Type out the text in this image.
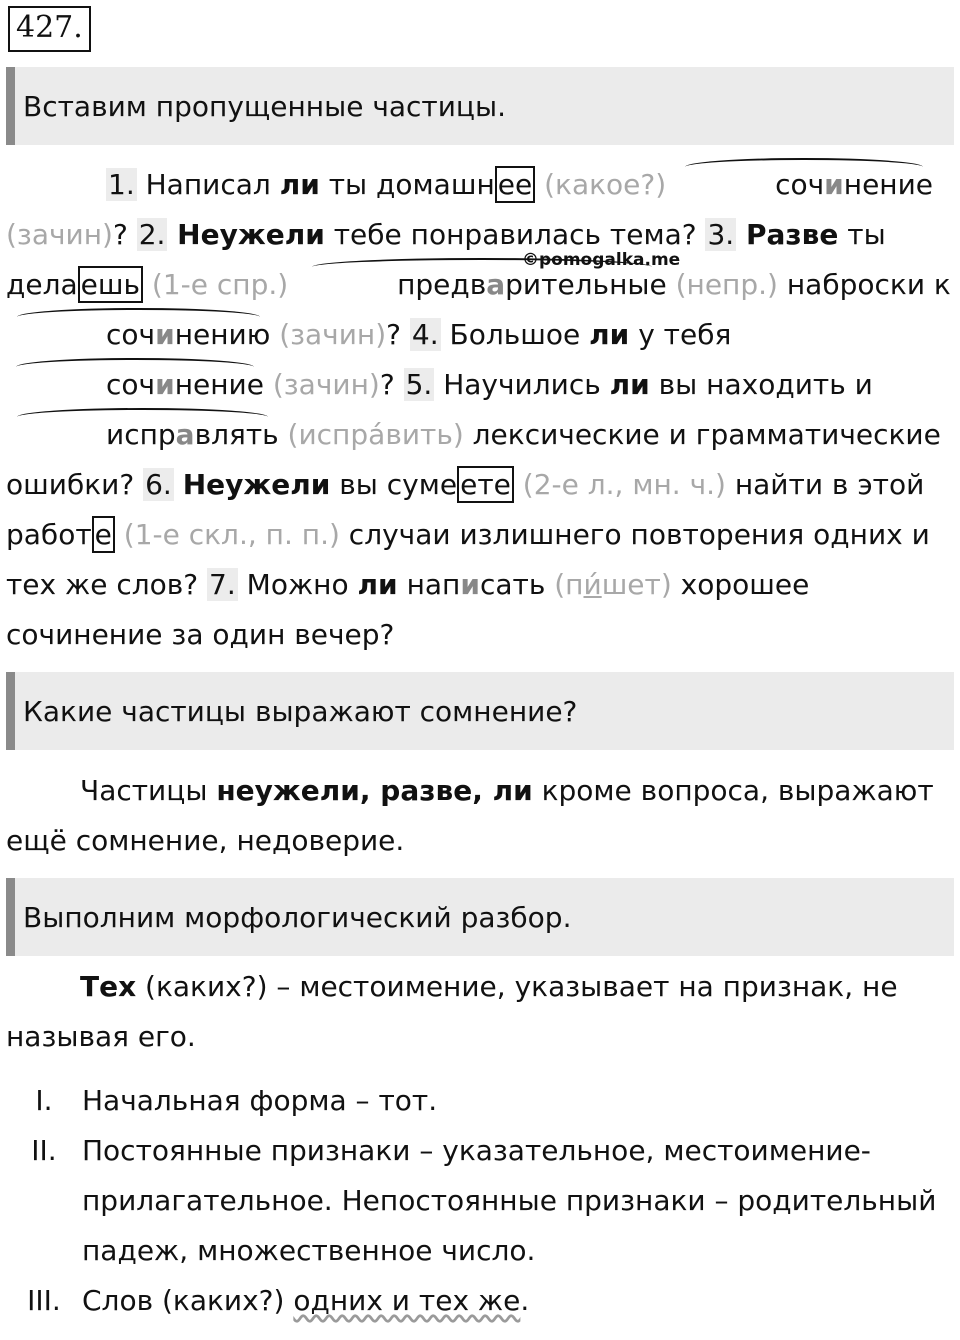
427.
Вставим пропущенные частицы.
1. Написал ли ты домашн ее (какое?)	сочинение (зачин)? 2. Неужели тебе понравилась тема? 3. Разве ты дела ешь (1-е спр.)	предварительные (непр.) наброски к сочинению (зачин)? 4. Большое ли у тебя сочинение (зачин)? 5. Научились ли вы находить и исправлять (испра́вить) лексические и грамматические ошибки? 6. Неужели вы суме ете (2-е л., мн. ч.) найти в этой работ е (1-е скл., п. п.) случаи излишнего повторения одних и тех же слов? 7. Можно ли написать (пи́шет) хорошее сочинение за один вечер?
©pomogalka.me
Какие частицы выражают сомнение?
Частицы неужели, разве, ли кроме вопроса, выражают ещё сомнение, недоверие.
Выполним морфологический разбор.
Тех (каких?) – местоимение, указывает на признак, не называя его.
I.	Начальная форма – тот.
II. Постоянные признаки – указательное, местоимение-прилагательное. Непостоянные признаки – родительный падеж, множественное число.
III. Слов (каких?) одних и тех же.
